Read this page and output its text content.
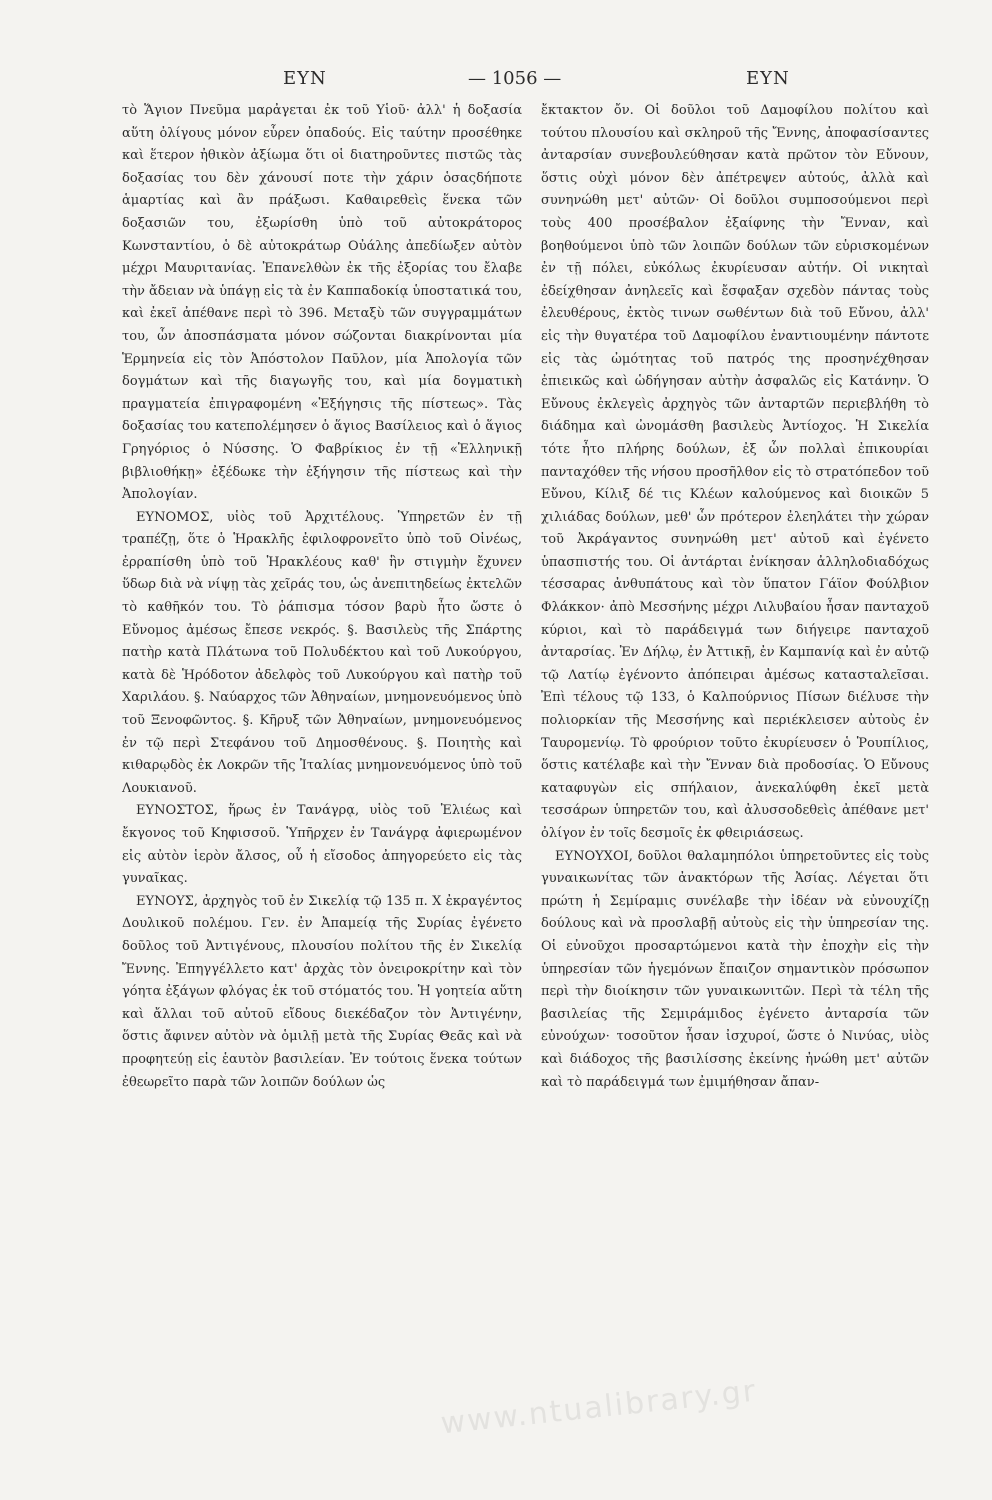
ΕΥΝ	— 1056 —	ΕΥΝ

τὸ Ἅγιον Πνεῦμα μαρἀγεται ἐκ τοῦ Υἱοῦ· ἀλλ' ἡ δοξασία αὕτη ὀλίγους μόνον εὗρεν ὀπαδούς. Εἰς ταύτην προσέθηκε καὶ ἕτερον ἠθικὸν ἀξίωμα ὅτι οἱ διατηροῦντες πιστῶς τὰς δοξασίας του δὲν χάνουσί ποτε τὴν χάριν ὁσαςδήποτε ἁμαρτίας καὶ ἂν πράξωσι. Καθαιρεθεὶς ἕνεκα τῶν δοξασιῶν του, ἐξωρίσθη ὑπὸ τοῦ αὐτοκράτορος Κωνσταντίου, ὁ δὲ αὐτοκράτωρ Οὐάλης ἀπεδίωξεν αὐτὸν μέχρι Μαυριτανίας. Ἐπανελθὼν ἐκ τῆς ἐξορίας του ἔλαβε τὴν ἄδειαν νὰ ὑπάγῃ εἰς τὰ ἐν Καππαδοκίᾳ ὑποστατικά του, καὶ ἐκεῖ ἀπέθανε περὶ τὸ 396. Μεταξὺ τῶν συγγραμμάτων του, ὧν ἀποσπάσματα μόνον σώζονται διακρίνονται μία Ἑρμηνεία εἰς τὸν Ἀπόστολον Παῦλον, μία Ἀπολογία τῶν δογμάτων καὶ τῆς διαγωγῆς του, καὶ μία δογματικὴ πραγματεία ἐπιγραφομένη «Ἐξήγησις τῆς πίστεως». Τὰς δοξασίας του κατεπολέμησεν ὁ ἅγιος Βασίλειος καὶ ὁ ἅγιος Γρηγόριος ὁ Νύσσης. Ὁ Φαβρίκιος ἐν τῇ «Ἑλληνικῇ βιβλιοθήκῃ» ἐξέδωκε τὴν ἐξήγησιν τῆς πίστεως καὶ τὴν Ἀπολογίαν.

ΕΥΝΟΜΟΣ, υἱὸς τοῦ Ἀρχιτέλους. Ὑπηρετῶν ἐν τῇ τραπέζῃ, ὅτε ὁ Ἡρακλῆς ἐφιλοφρονεῖτο ὑπὸ τοῦ Οἰνέως, ἐρραπίσθη ὑπὸ τοῦ Ἡρακλέους καθ' ἣν στιγμὴν ἔχυνεν ὕδωρ διὰ νὰ νίψῃ τὰς χεῖράς του, ὡς ἀνεπιτηδείως ἐκτελῶν τὸ καθῆκόν του. Τὸ ῥάπισμα τόσον βαρὺ ἦτο ὥστε ὁ Εὔνομος ἀμέσως ἔπεσε νεκρός. §. Βασιλεὺς τῆς Σπάρτης πατὴρ κατὰ Πλάτωνα τοῦ Πολυδέκτου καὶ τοῦ Λυκούργου, κατὰ δὲ Ἡρόδοτον ἀδελφὸς τοῦ Λυκούργου καὶ πατὴρ τοῦ Χαριλάου. §. Ναύαρχος τῶν Ἀθηναίων, μνημονευόμενος ὑπὸ τοῦ Ξενοφῶντος. §. Κῆρυξ τῶν Ἀθηναίων, μνημονευόμενος ἐν τῷ περὶ Στεφάνου τοῦ Δημοσθένους. §. Ποιητὴς καὶ κιθαρῳδὸς ἐκ Λοκρῶν τῆς Ἰταλίας μνημονευόμενος ὑπὸ τοῦ Λουκιανοῦ.

ΕΥΝΟΣΤΟΣ, ἥρως ἐν Τανάγρᾳ, υἱὸς τοῦ Ἐλιέως καὶ ἔκγονος τοῦ Κηφισσοῦ. Ὑπῆρχεν ἐν Τανάγρᾳ ἀφιερωμένον εἰς αὐτὸν ἱερὸν ἄλσος, οὗ ἡ εἴσοδος ἀπηγορεύετο εἰς τὰς γυναῖκας.

ΕΥΝΟΥΣ, ἀρχηγὸς τοῦ ἐν Σικελίᾳ τῷ 135 π. Χ ἐκραγέντος Δουλικοῦ πολέμου. Γεν. ἐν Ἀπαμείᾳ τῆς Συρίας ἐγένετο δοῦλος τοῦ Ἀντιγένους, πλουσίου πολίτου τῆς ἐν Σικελίᾳ Ἔννης. Ἐπηγγέλλετο κατ' ἀρχὰς τὸν ὀνειροκρίτην καὶ τὸν γόητα ἐξάγων φλόγας ἐκ τοῦ στόματός του. Ἡ γοητεία αὕτη καὶ ἄλλαι τοῦ αὐτοῦ εἴδους διεκέδαζον τὸν Ἀντιγένην, ὅστις ἄφινεν αὐτὸν νὰ ὁμιλῇ μετὰ τῆς Συρίας Θεᾶς καὶ νὰ προφητεύῃ εἰς ἑαυτὸν βασιλείαν. Ἐν τούτοις ἕνεκα τούτων ἐθεωρεῖτο παρὰ τῶν λοιπῶν δούλων ὡς

ἔκτακτον ὄν. Οἱ δοῦλοι τοῦ Δαμοφίλου πολίτου καὶ τούτου πλουσίου καὶ σκληροῦ τῆς Ἔννης, ἀποφασίσαντες ἀνταρσίαν συνεβουλεύθησαν κατὰ πρῶτον τὸν Εὔνουν, ὅστις οὐχὶ μόνον δὲν ἀπέτρεψεν αὐτούς, ἀλλὰ καὶ συνηνώθη μετ' αὐτῶν· Οἱ δοῦλοι συμποσούμενοι περὶ τοὺς 400 προσέβαλον ἐξαίφνης τὴν Ἔνναν, καὶ βοηθούμενοι ὑπὸ τῶν λοιπῶν δούλων τῶν εὑρισκομένων ἐν τῇ πόλει, εὐκόλως ἐκυρίευσαν αὐτήν. Οἱ νικηταὶ ἐδείχθησαν ἀνηλεεῖς καὶ ἔσφαξαν σχεδὸν πάντας τοὺς ἐλευθέρους, ἐκτὸς τινων σωθέντων διὰ τοῦ Εὔνου, ἀλλ' εἰς τὴν θυγατέρα τοῦ Δαμοφίλου ἐναντιουμένην πάντοτε εἰς τὰς ὠμότητας τοῦ πατρός της προσηνέχθησαν ἐπιεικῶς καὶ ὡδήγησαν αὐτὴν ἀσφαλῶς εἰς Κατάνην. Ὁ Εὔνους ἐκλεγεὶς ἀρχηγὸς τῶν ἀνταρτῶν περιεβλήθη τὸ διάδημα καὶ ὠνομάσθη βασιλεὺς Ἀντίοχος. Ἡ Σικελία τότε ἦτο πλήρης δούλων, ἐξ ὧν πολλαὶ ἐπικουρίαι πανταχόθεν τῆς νήσου προσῆλθον εἰς τὸ στρατόπεδον τοῦ Εὔνου, Κίλιξ δέ τις Κλέων καλούμενος καὶ διοικῶν 5 χιλιάδας δούλων, μεθ' ὧν πρότερον ἐλεηλάτει τὴν χώραν τοῦ Ἀκράγαντος συνηνώθη μετ' αὐτοῦ καὶ ἐγένετο ὑπασπιστής του. Οἱ ἀντάρται ἐνίκησαν ἀλληλοδιαδόχως τέσσαρας ἀνθυπάτους καὶ τὸν ὕπατον Γάϊον Φούλβιον Φλάκκον· ἀπὸ Μεσσήνης μέχρι Λιλυβαίου ἦσαν πανταχοῦ κύριοι, καὶ τὸ παράδειγμά των διήγειρε πανταχοῦ ἀνταρσίας. Ἐν Δήλῳ, ἐν Ἀττικῇ, ἐν Καμπανίᾳ καὶ ἐν αὐτῷ τῷ Λατίῳ ἐγένοντο ἀπόπειραι ἀμέσως κατασταλεῖσαι. Ἐπὶ τέλους τῷ 133, ὁ Καλπούρνιος Πίσων διέλυσε τὴν πολιορκίαν τῆς Μεσσήνης καὶ περιέκλεισεν αὐτοὺς ἐν Ταυρομενίῳ. Τὸ φρούριον τοῦτο ἐκυρίευσεν ὁ Ῥουπίλιος, ὅστις κατέλαβε καὶ τὴν Ἔνναν διὰ προδοσίας. Ὁ Εὔνους καταφυγὼν εἰς σπήλαιον, ἀνεκαλύφθη ἐκεῖ μετὰ τεσσάρων ὑπηρετῶν του, καὶ ἀλυσσοδεθεὶς ἀπέθανε μετ' ὀλίγον ἐν τοῖς δεσμοῖς ἐκ φθειριάσεως.

ΕΥΝΟΥΧΟΙ, δοῦλοι θαλαμηπόλοι ὑπηρετοῦντες εἰς τοὺς γυναικωνίτας τῶν ἀνακτόρων τῆς Ἀσίας. Λέγεται ὅτι πρώτη ἡ Σεμίραμις συνέλαβε τὴν ἰδέαν νὰ εὐνουχίζῃ δούλους καὶ νὰ προσλαβῇ αὐτοὺς εἰς τὴν ὑπηρεσίαν της. Οἱ εὐνοῦχοι προσαρτώμενοι κατὰ τὴν ἐποχὴν εἰς τὴν ὑπηρεσίαν τῶν ἡγεμόνων ἔπαιζον σημαντικὸν πρόσωπον περὶ τὴν διοίκησιν τῶν γυναικωνιτῶν. Περὶ τὰ τέλη τῆς βασιλείας τῆς Σεμιράμιδος ἐγένετο ἀνταρσία τῶν εὐνούχων· τοσοῦτον ἦσαν ἰσχυροί, ὥστε ὁ Νινύας, υἱὸς καὶ διάδοχος τῆς βασιλίσσης ἐκείνης ἠνώθη μετ' αὐτῶν καὶ τὸ παράδειγμά των ἐμιμήθησαν ἄπαν-

www.ntualibrary.gr
